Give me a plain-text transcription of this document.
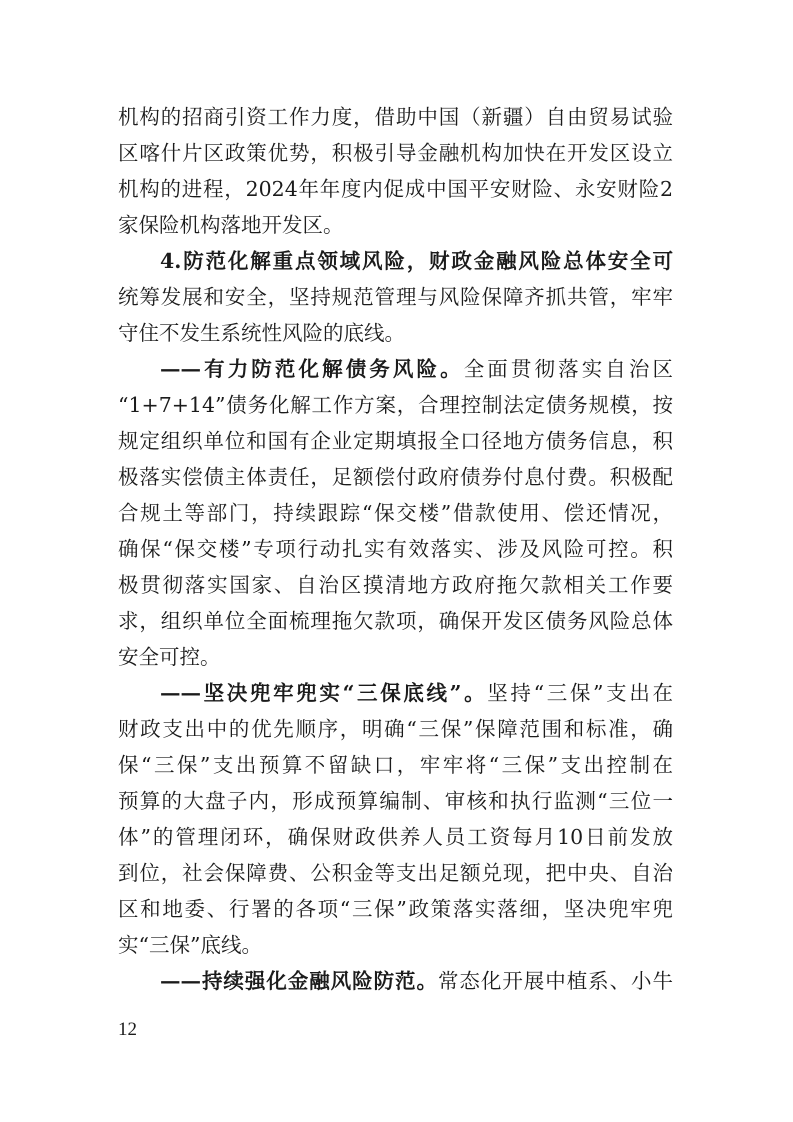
机构的招商引资工作力度，借助中国（新疆）自由贸易试验
区喀什片区政策优势，积极引导金融机构加快在开发区设立
机构的进程，2024年年度内促成中国平安财险、永安财险2
家保险机构落地开发区。
4.防范化解重点领域风险，财政金融风险总体安全可
统筹发展和安全，坚持规范管理与风险保障齐抓共管，牢牢
守住不发生系统性风险的底线。
——有力防范化解债务风险。全面贯彻落实自治区
“1+7+14”债务化解工作方案，合理控制法定债务规模，按
规定组织单位和国有企业定期填报全口径地方债务信息，积
极落实偿债主体责任，足额偿付政府债券付息付费。积极配
合规土等部门，持续跟踪“保交楼”借款使用、偿还情况，
确保“保交楼”专项行动扎实有效落实、涉及风险可控。积
极贯彻落实国家、自治区摸清地方政府拖欠款相关工作要
求，组织单位全面梳理拖欠款项，确保开发区债务风险总体
安全可控。
——坚决兜牢兜实“三保底线”。坚持“三保”支出在
财政支出中的优先顺序，明确“三保”保障范围和标准，确
保“三保”支出预算不留缺口，牢牢将“三保”支出控制在
预算的大盘子内，形成预算编制、审核和执行监测“三位一
体”的管理闭环，确保财政供养人员工资每月10日前发放
到位，社会保障费、公积金等支出足额兑现，把中央、自治
区和地委、行署的各项“三保”政策落实落细，坚决兜牢兜
实“三保”底线。
——持续强化金融风险防范。常态化开展中植系、小牛
12
